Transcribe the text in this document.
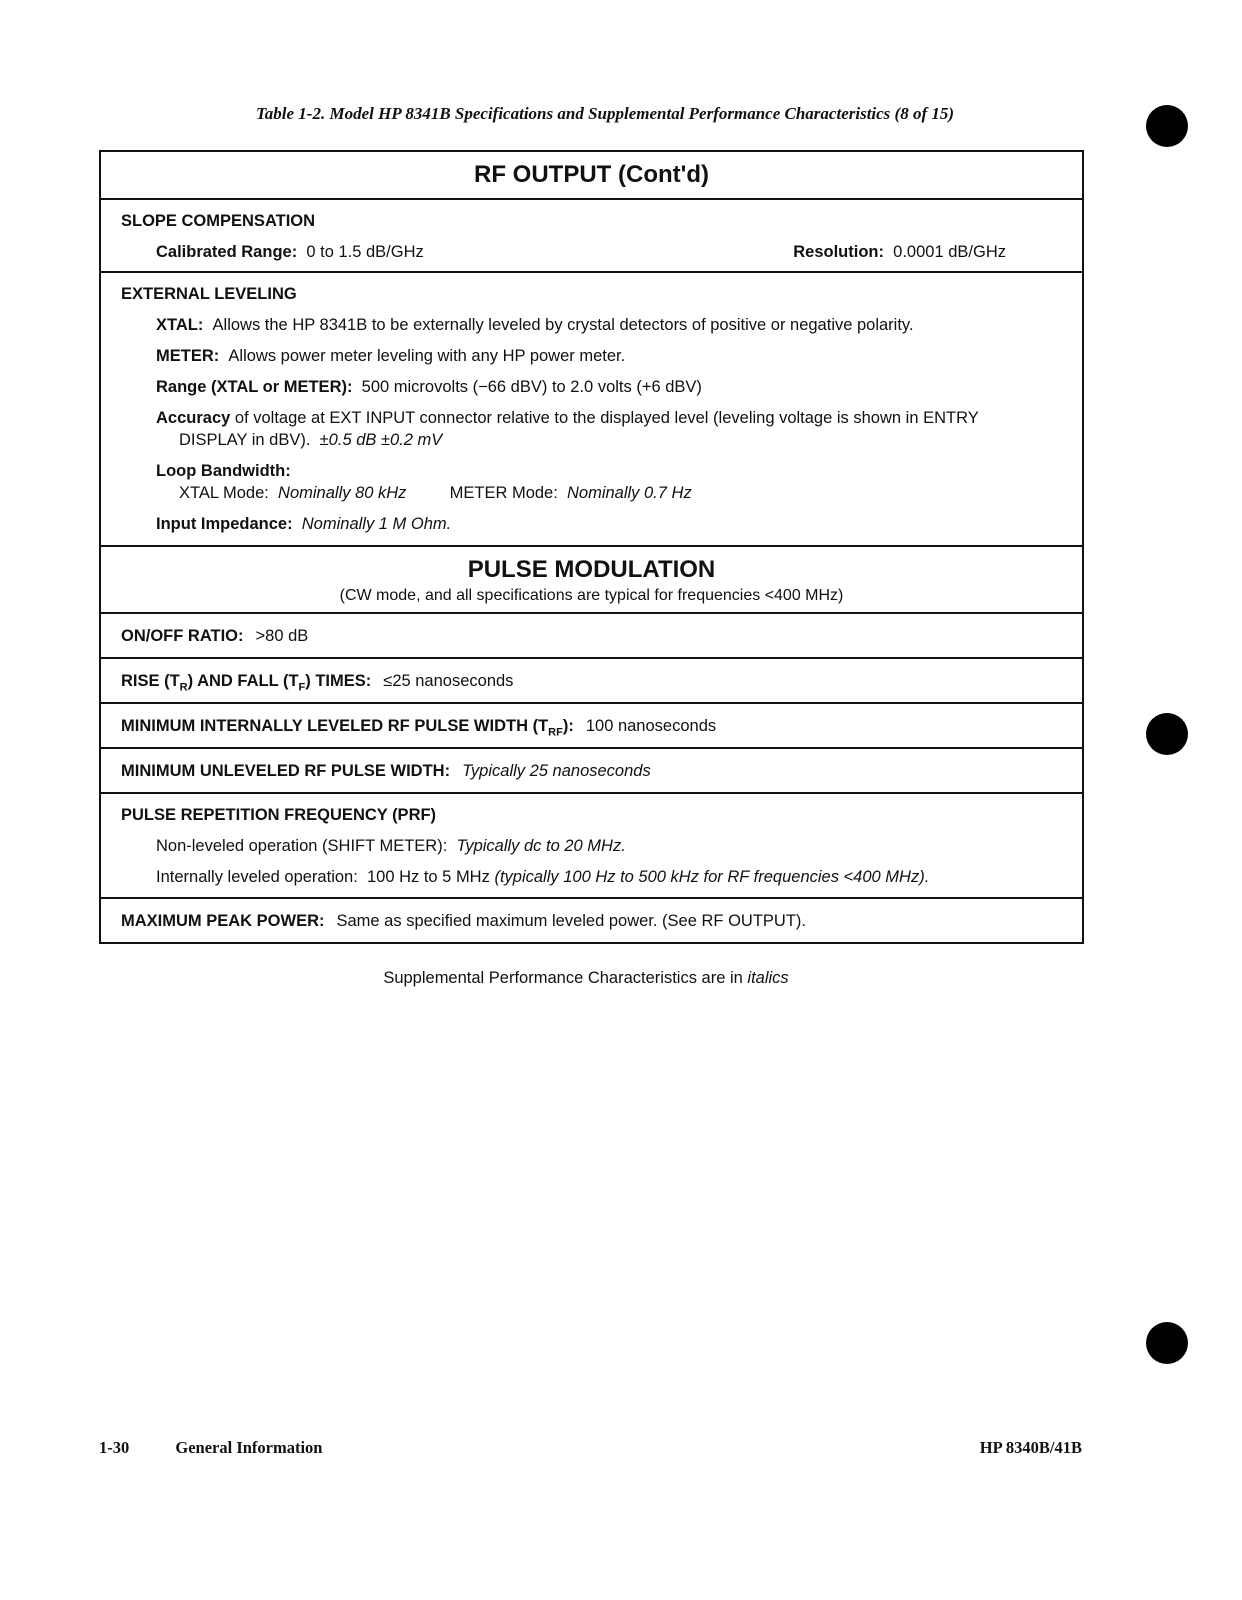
Table 1-2. Model HP 8341B Specifications and Supplemental Performance Characteristics (8 of 15)
RF OUTPUT (Cont'd)
SLOPE COMPENSATION
Calibrated Range: 0 to 1.5 dB/GHz	Resolution: 0.0001 dB/GHz
EXTERNAL LEVELING
XTAL: Allows the HP 8341B to be externally leveled by crystal detectors of positive or negative polarity.
METER: Allows power meter leveling with any HP power meter.
Range (XTAL or METER): 500 microvolts (−66 dBV) to 2.0 volts (+6 dBV)
Accuracy of voltage at EXT INPUT connector relative to the displayed level (leveling voltage is shown in ENTRY
DISPLAY in dBV). ±0.5 dB ±0.2 mV
Loop Bandwidth:
XTAL Mode: Nominally 80 kHz	METER Mode: Nominally 0.7 Hz
Input Impedance: Nominally 1 M Ohm.
PULSE MODULATION
(CW mode, and all specifications are typical for frequencies <400 MHz)
ON/OFF RATIO: >80 dB
RISE $(T_R)$ AND FALL $(T_F)$ TIMES: ≤25 nanoseconds
MINIMUM INTERNALLY LEVELED RF PULSE WIDTH $(T_{RF})$: 100 nanoseconds
MINIMUM UNLEVELED RF PULSE WIDTH: Typically 25 nanoseconds
PULSE REPETITION FREQUENCY (PRF)
Non-leveled operation (SHIFT METER): Typically dc to 20 MHz.
Internally leveled operation: 100 Hz to 5 MHz (typically 100 Hz to 500 kHz for RF frequencies <400 MHz).
MAXIMUM PEAK POWER: Same as specified maximum leveled power. (See RF OUTPUT).
Supplemental Performance Characteristics are in italics
1-30	General Information	HP 8340B/41B
